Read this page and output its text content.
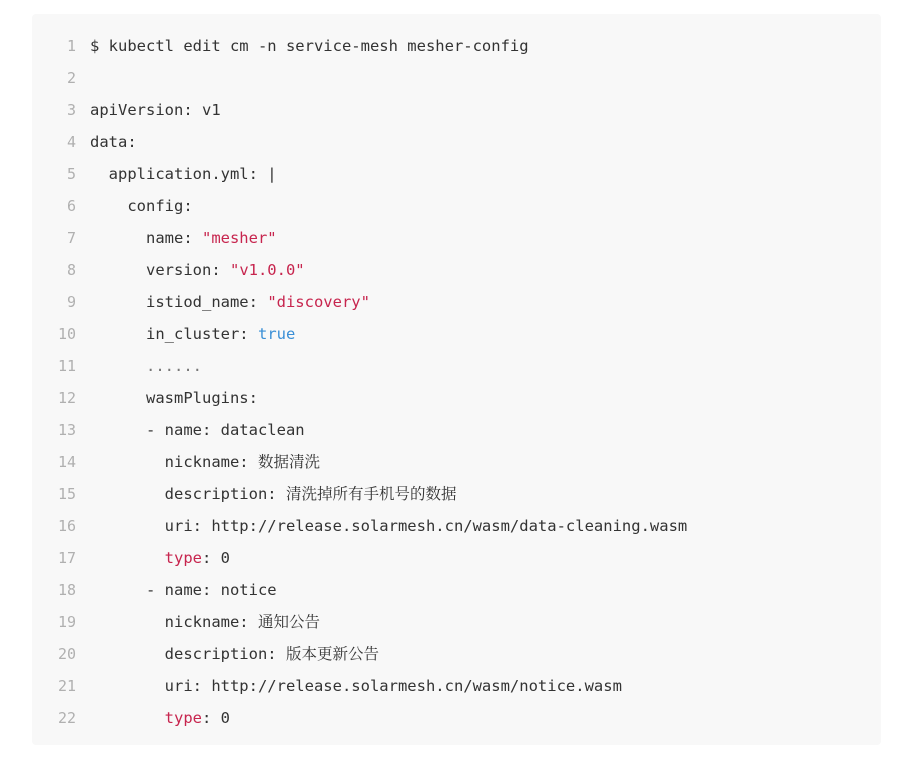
1 $ kubectl edit cm -n service-mesh mesher-config
2
3 apiVersion: v1
4 data:
5 application.yml: |
6 config:
7 name: "mesher"
8 version: "v1.0.0"
9 istiod_name: "discovery"
10 in_cluster: true
11 ......
12 wasmPlugins:
13 - name: dataclean
14 nickname: 数据清洗
15 description: 清洗掉所有手机号的数据
16 uri: http://release.solarmesh.cn/wasm/data-cleaning.wasm
17	type: 0
18 - name: notice
19 nickname: 通知公告
20 description: 版本更新公告
21 uri: http://release.solarmesh.cn/wasm/notice.wasm
22	type: 0
